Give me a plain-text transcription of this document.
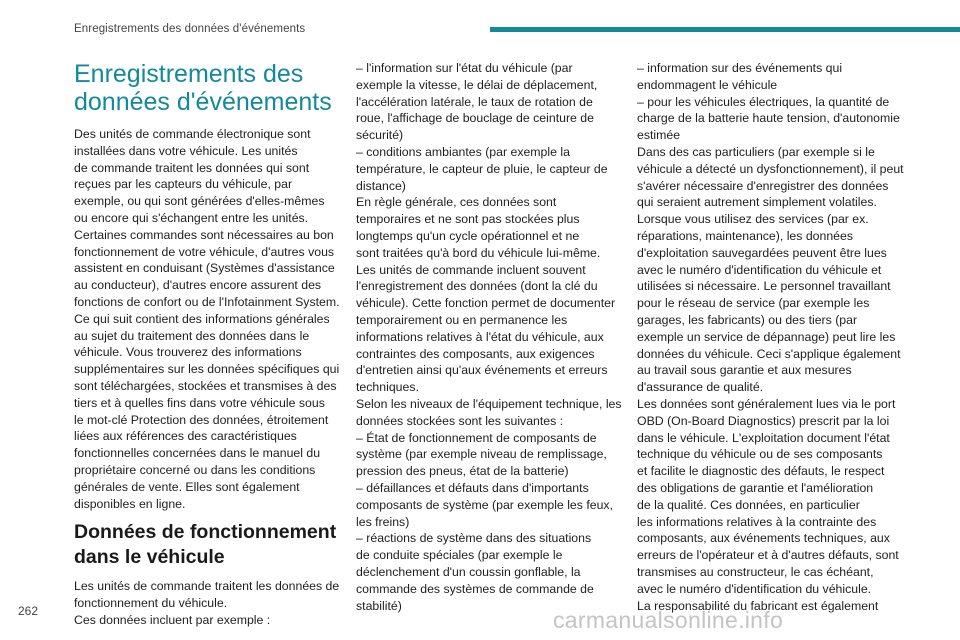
Enregistrements des données d'événements
Enregistrements des
données d'événements

Des unités de commande électronique sont

installées dans votre véhicule. Les unités

de commande traitent les données qui sont

reçues par les capteurs du véhicule, par

exemple, ou qui sont générées d'elles-mêmes

ou encore qui s'échangent entre les unités.

Certaines commandes sont nécessaires au bon

fonctionnement de votre véhicule, d'autres vous

assistent en conduisant (Systèmes d'assistance

au conducteur), d'autres encore assurent des

fonctions de confort ou de l'Infotainment System.

Ce qui suit contient des informations générales

au sujet du traitement des données dans le

véhicule. Vous trouverez des informations

supplémentaires sur les données spécifiques qui

sont téléchargées, stockées et transmises à des

tiers et à quelles fins dans votre véhicule sous

le mot-clé Protection des données, étroitement

liées aux références des caractéristiques

fonctionnelles concernées dans le manuel du

propriétaire concerné ou dans les conditions

générales de vente. Elles sont également

disponibles en ligne.

Données de fonctionnement
dans le véhicule

Les unités de commande traitent les données de

fonctionnement du véhicule.

Ces données incluent par exemple :

– l'information sur l'état du véhicule (par

exemple la vitesse, le délai de déplacement,

l'accélération latérale, le taux de rotation de

roue, l'affichage de bouclage de ceinture de

sécurité)

– conditions ambiantes (par exemple la

température, le capteur de pluie, le capteur de

distance)

En règle générale, ces données sont

temporaires et ne sont pas stockées plus

longtemps qu'un cycle opérationnel et ne

sont traitées qu'à bord du véhicule lui-même.

Les unités de commande incluent souvent

l'enregistrement des données (dont la clé du

véhicule). Cette fonction permet de documenter

temporairement ou en permanence les

informations relatives à l'état du véhicule, aux

contraintes des composants, aux exigences

d'entretien ainsi qu'aux événements et erreurs

techniques.

Selon les niveaux de l'équipement technique, les

données stockées sont les suivantes :

– État de fonctionnement de composants de

système (par exemple niveau de remplissage,

pression des pneus, état de la batterie)

– défaillances et défauts dans d'importants

composants de système (par exemple les feux,

les freins)

– réactions de système dans des situations

de conduite spéciales (par exemple le

déclenchement d'un coussin gonflable, la

commande des systèmes de commande de

stabilité)

– information sur des événements qui

endommagent le véhicule

– pour les véhicules électriques, la quantité de

charge de la batterie haute tension, d'autonomie

estimée

Dans des cas particuliers (par exemple si le

véhicule a détecté un dysfonctionnement), il peut

s'avérer nécessaire d'enregistrer des données

qui seraient autrement simplement volatiles.

Lorsque vous utilisez des services (par ex.

réparations, maintenance), les données

d'exploitation sauvegardées peuvent être lues

avec le numéro d'identification du véhicule et

utilisées si nécessaire. Le personnel travaillant

pour le réseau de service (par exemple les

garages, les fabricants) ou des tiers (par

exemple un service de dépannage) peut lire les

données du véhicule. Ceci s'applique également

au travail sous garantie et aux mesures

d'assurance de qualité.

Les données sont généralement lues via le port

OBD (On-Board Diagnostics) prescrit par la loi

dans le véhicule. L'exploitation document l'état

technique du véhicule ou de ses composants

et facilite le diagnostic des défauts, le respect

des obligations de garantie et l'amélioration

de la qualité. Ces données, en particulier

les informations relatives à la contrainte des

composants, aux événements techniques, aux

erreurs de l'opérateur et à d'autres défauts, sont

transmises au constructeur, le cas échéant,

avec le numéro d'identification du véhicule.

La responsabilité du fabricant est également

262	carmanualsonline.info
